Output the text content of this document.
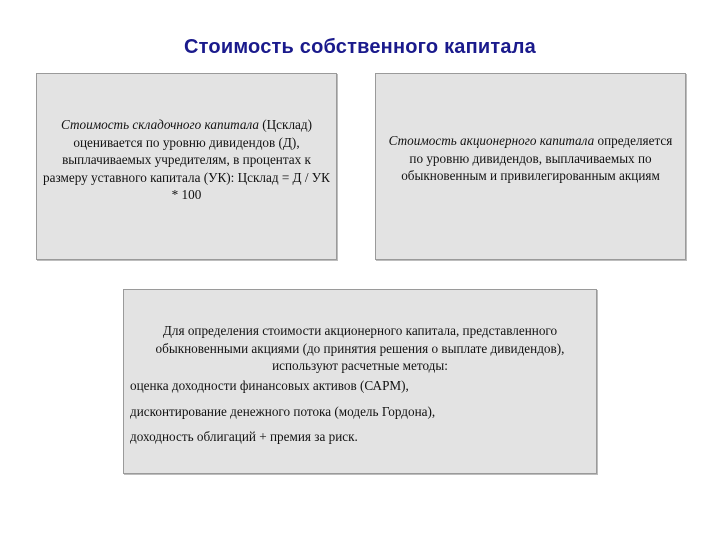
Стоимость собственного капитала
Стоимость складочного капитала (Цсклад) оценивается по уровню дивидендов (Д), выплачиваемых учредителям, в процентах к размеру уставного капитала (УК): Цсклад = Д / УК * 100
Стоимость акционерного капитала определяется по уровню дивидендов, выплачиваемых по обыкновенным и привилегированным акциям
Для определения стоимости акционерного капитала, представленного обыкновенными акциями (до принятия решения о выплате дивидендов), используют расчетные методы:
оценка доходности финансовых активов (САРМ),
дисконтирование денежного потока (модель Гордона),
доходность облигаций + премия за риск.
